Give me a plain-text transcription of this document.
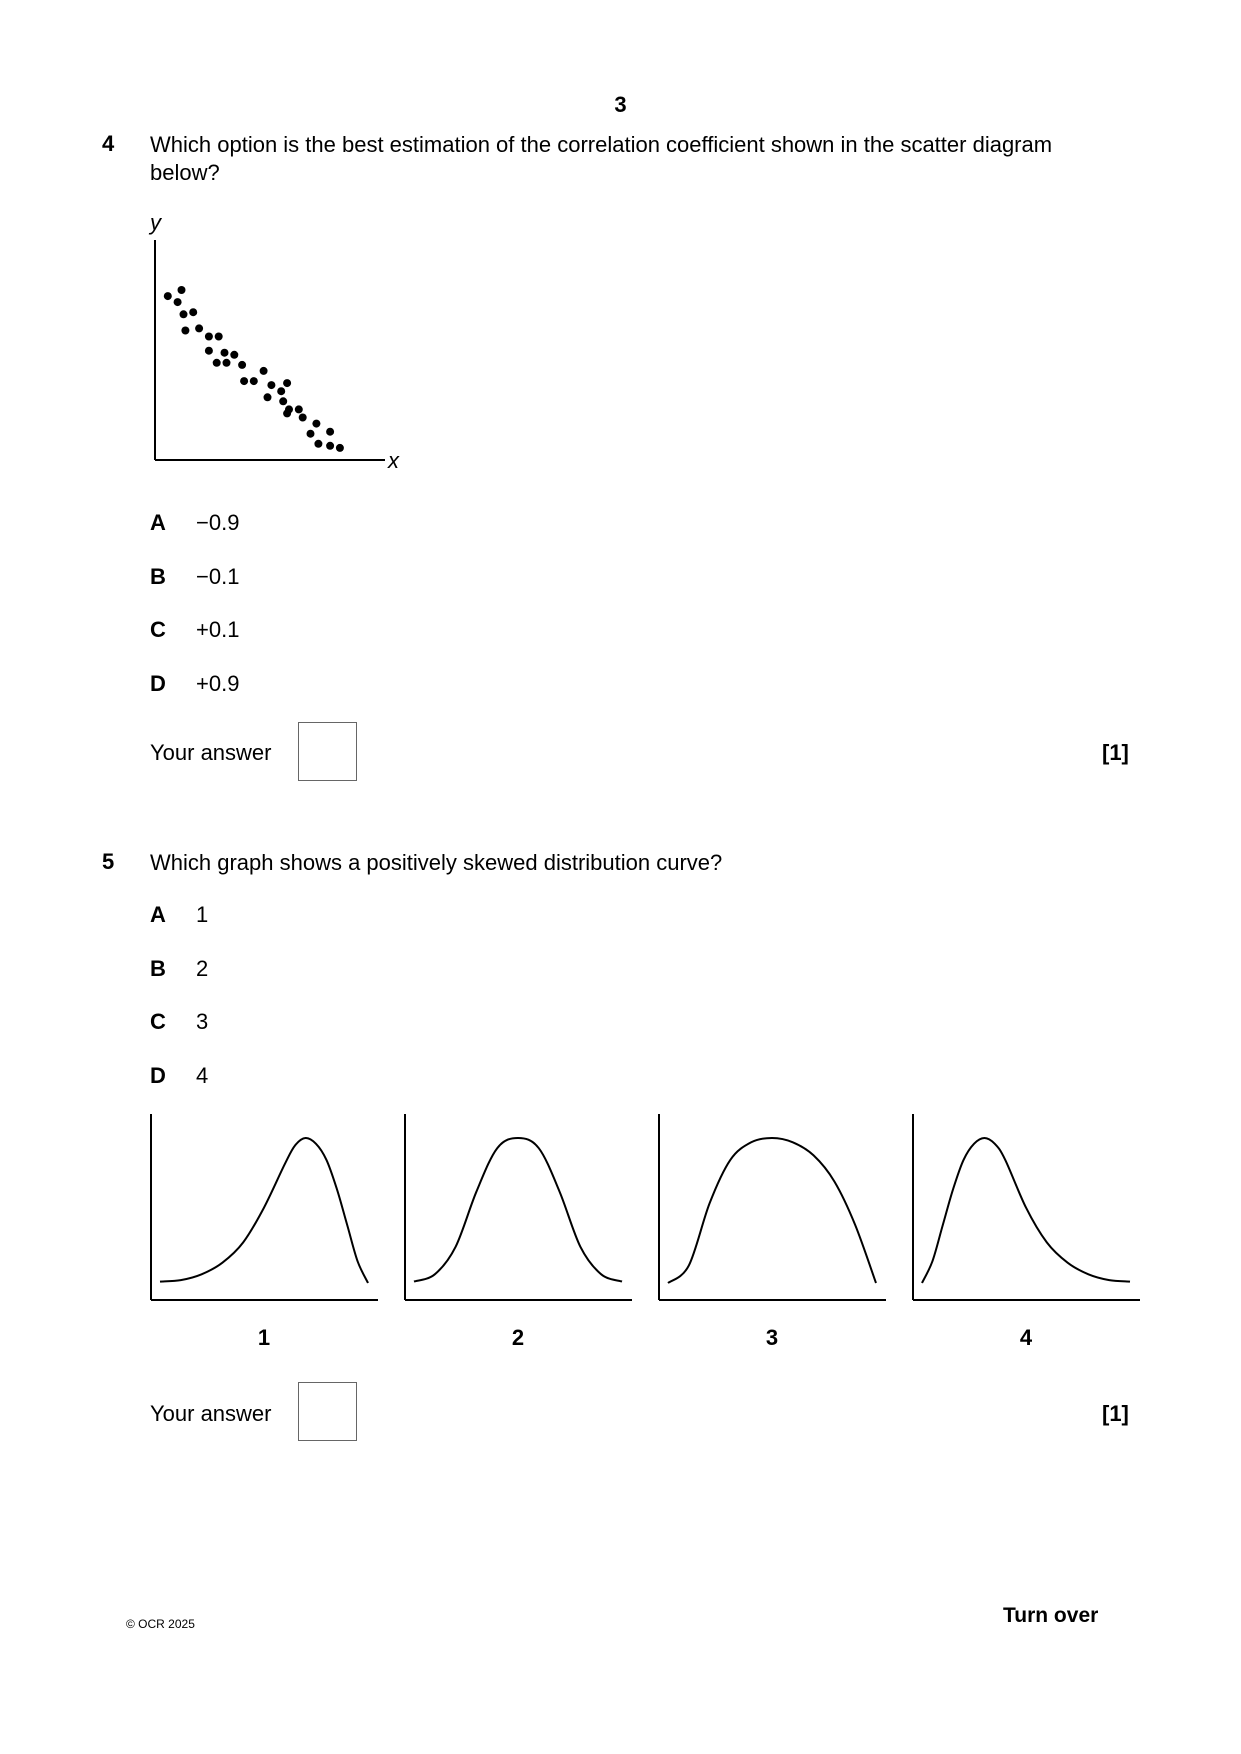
3
4 Which option is the best estimation of the correlation coefficient shown in the scatter diagram below?
y
x
A −0.9
B −0.1
C +0.1
D +0.9
Your answer	[1]
5 Which graph shows a positively skewed distribution curve?
A 1
B 2
C 3
D 4
1	2	3	4
Your answer	[1]
© OCR 2025	Turn over
